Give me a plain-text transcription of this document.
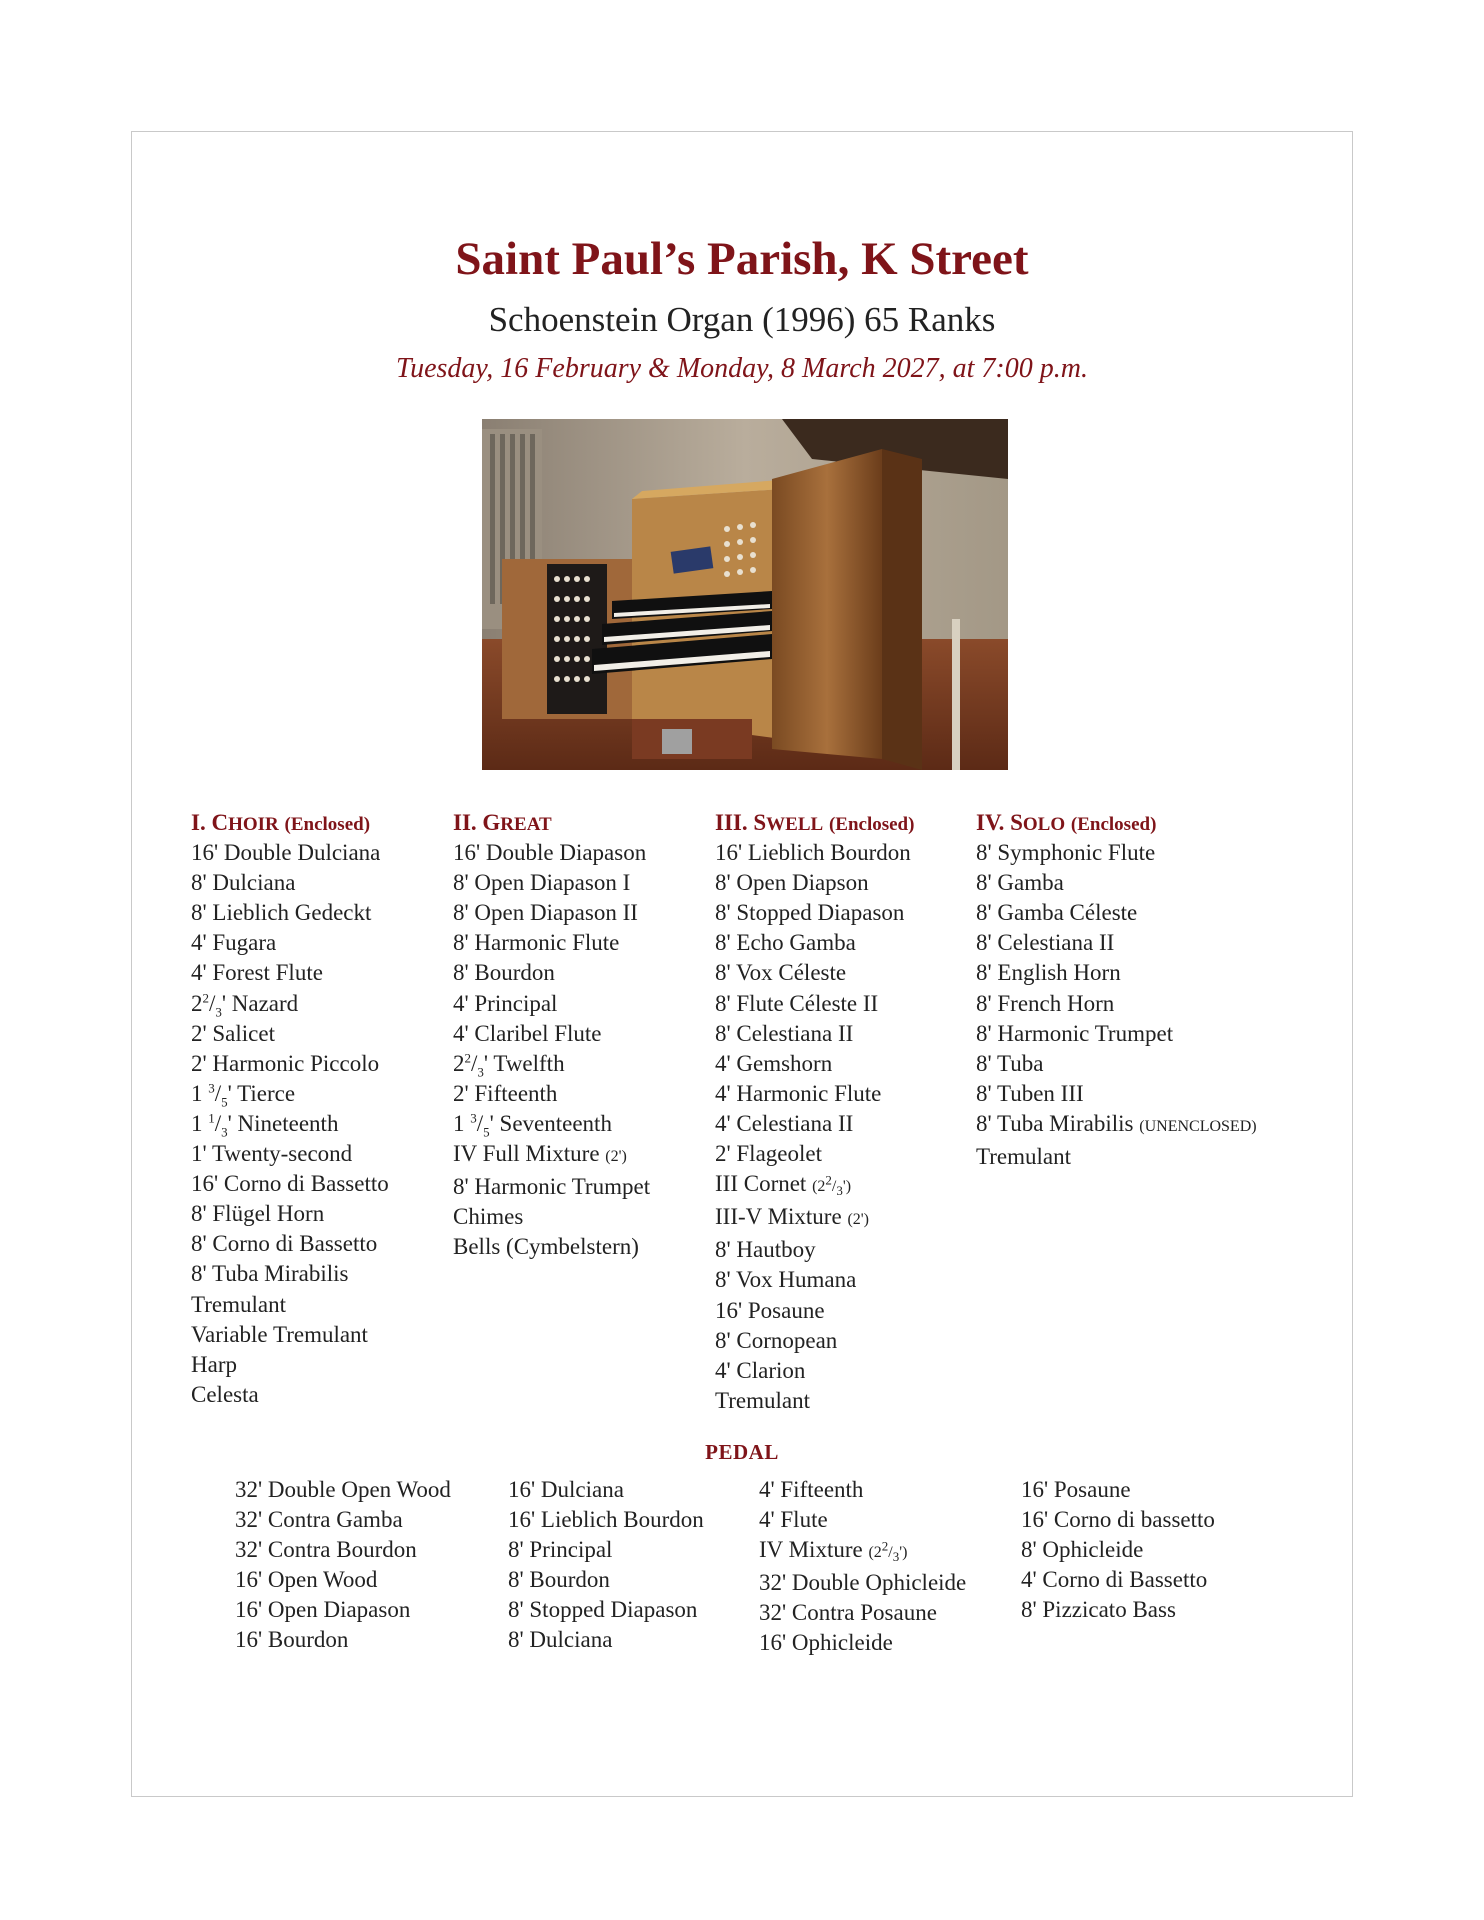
Saint Paul’s Parish, K Street
Schoenstein Organ (1996) 65 Ranks
Tuesday, 16 February & Monday, 8 March 2027, at 7:00 p.m.
I. CHOIR (Enclosed)
16' Double Dulciana
8' Dulciana
8' Lieblich Gedeckt
4' Fugara
4' Forest Flute
$2^2/_3'$ Nazard
2' Salicet
2' Harmonic Piccolo
1 $^3/_5'$ Tierce
1 $^1/_3'$ Nineteenth
1' Twenty-second
16' Corno di Bassetto
8' Flügel Horn
8' Corno di Bassetto
8' Tuba Mirabilis
Tremulant
Variable Tremulant
Harp
Celesta
II. GREAT
16' Double Diapason
8' Open Diapason I
8' Open Diapason II
8' Harmonic Flute
8' Bourdon
4' Principal
4' Claribel Flute
$2^2/_3'$ Twelfth
2' Fifteenth
1 $^3/_5'$ Seventeenth
IV Full Mixture (2')
8' Harmonic Trumpet
Chimes
Bells (Cymbelstern)
III. SWELL (Enclosed)
16' Lieblich Bourdon
8' Open Diapson
8' Stopped Diapason
8' Echo Gamba
8' Vox Céleste
8' Flute Céleste II
8' Celestiana II
4' Gemshorn
4' Harmonic Flute
4' Celestiana II
2' Flageolet
III Cornet $(2^2/_3')$
III-V Mixture (2')
8' Hautboy
8' Vox Humana
16' Posaune
8' Cornopean
4' Clarion
Tremulant
IV. SOLO (Enclosed)
8' Symphonic Flute
8' Gamba
8' Gamba Céleste
8' Celestiana II
8' English Horn
8' French Horn
8' Harmonic Trumpet
8' Tuba
8' Tuben III
8' Tuba Mirabilis (UNENCLOSED)
Tremulant
PEDAL
32' Double Open Wood
32' Contra Gamba
32' Contra Bourdon
16' Open Wood
16' Open Diapason
16' Bourdon
16' Dulciana
16' Lieblich Bourdon
8' Principal
8' Bourdon
8' Stopped Diapason
8' Dulciana
4' Fifteenth
4' Flute
IV Mixture $(2^2/_3')$
32' Double Ophicleide
32' Contra Posaune
16' Ophicleide
16' Posaune
16' Corno di bassetto
8' Ophicleide
4' Corno di Bassetto
8' Pizzicato Bass
